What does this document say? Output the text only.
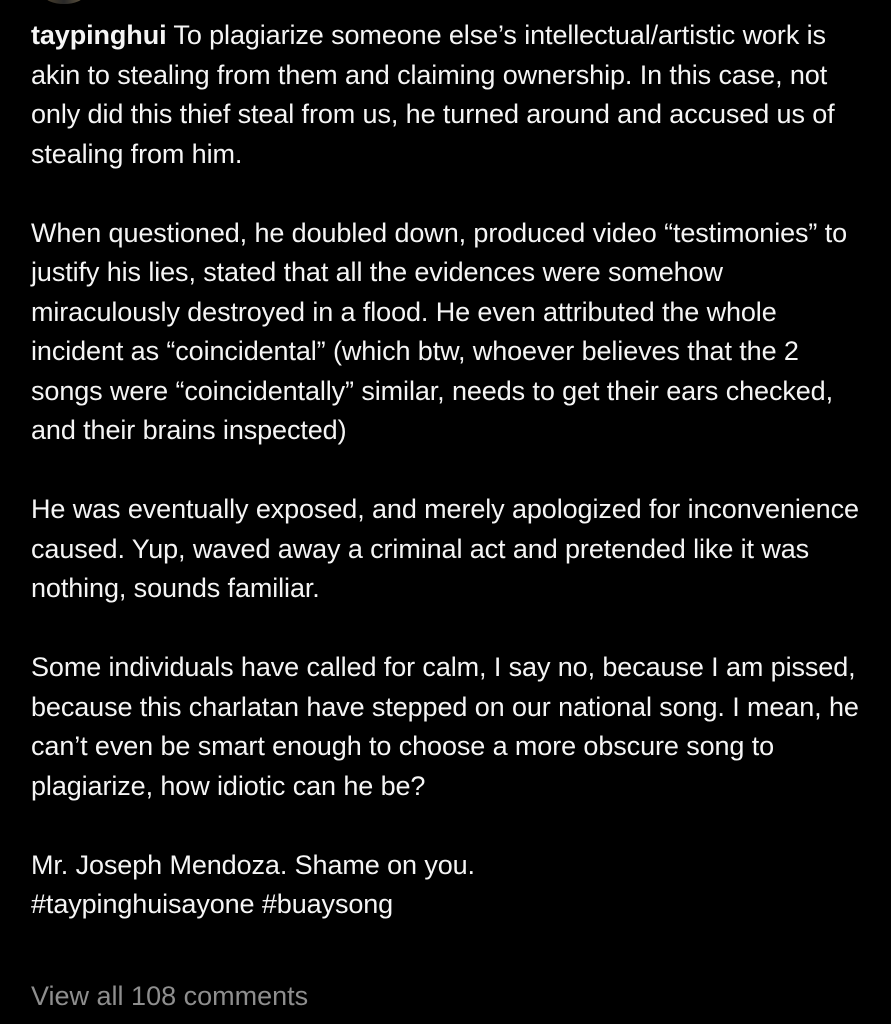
taypinghui To plagiarize someone else’s intellectual/artistic work is akin to stealing from them and claiming ownership. In this case, not only did this thief steal from us, he turned around and accused us of stealing from him.

When questioned, he doubled down, produced video “testimonies” to justify his lies, stated that all the evidences were somehow miraculously destroyed in a flood. He even attributed the whole incident as “coincidental” (which btw, whoever believes that the 2 songs were “coincidentally” similar, needs to get their ears checked, and their brains inspected)

He was eventually exposed, and merely apologized for inconvenience caused. Yup, waved away a criminal act and pretended like it was nothing, sounds familiar.

Some individuals have called for calm, I say no, because I am pissed, because this charlatan have stepped on our national song. I mean, he can’t even be smart enough to choose a more obscure song to plagiarize, how idiotic can he be?

Mr. Joseph Mendoza. Shame on you.

#taypinghuisayone #buaysong

View all 108 comments
